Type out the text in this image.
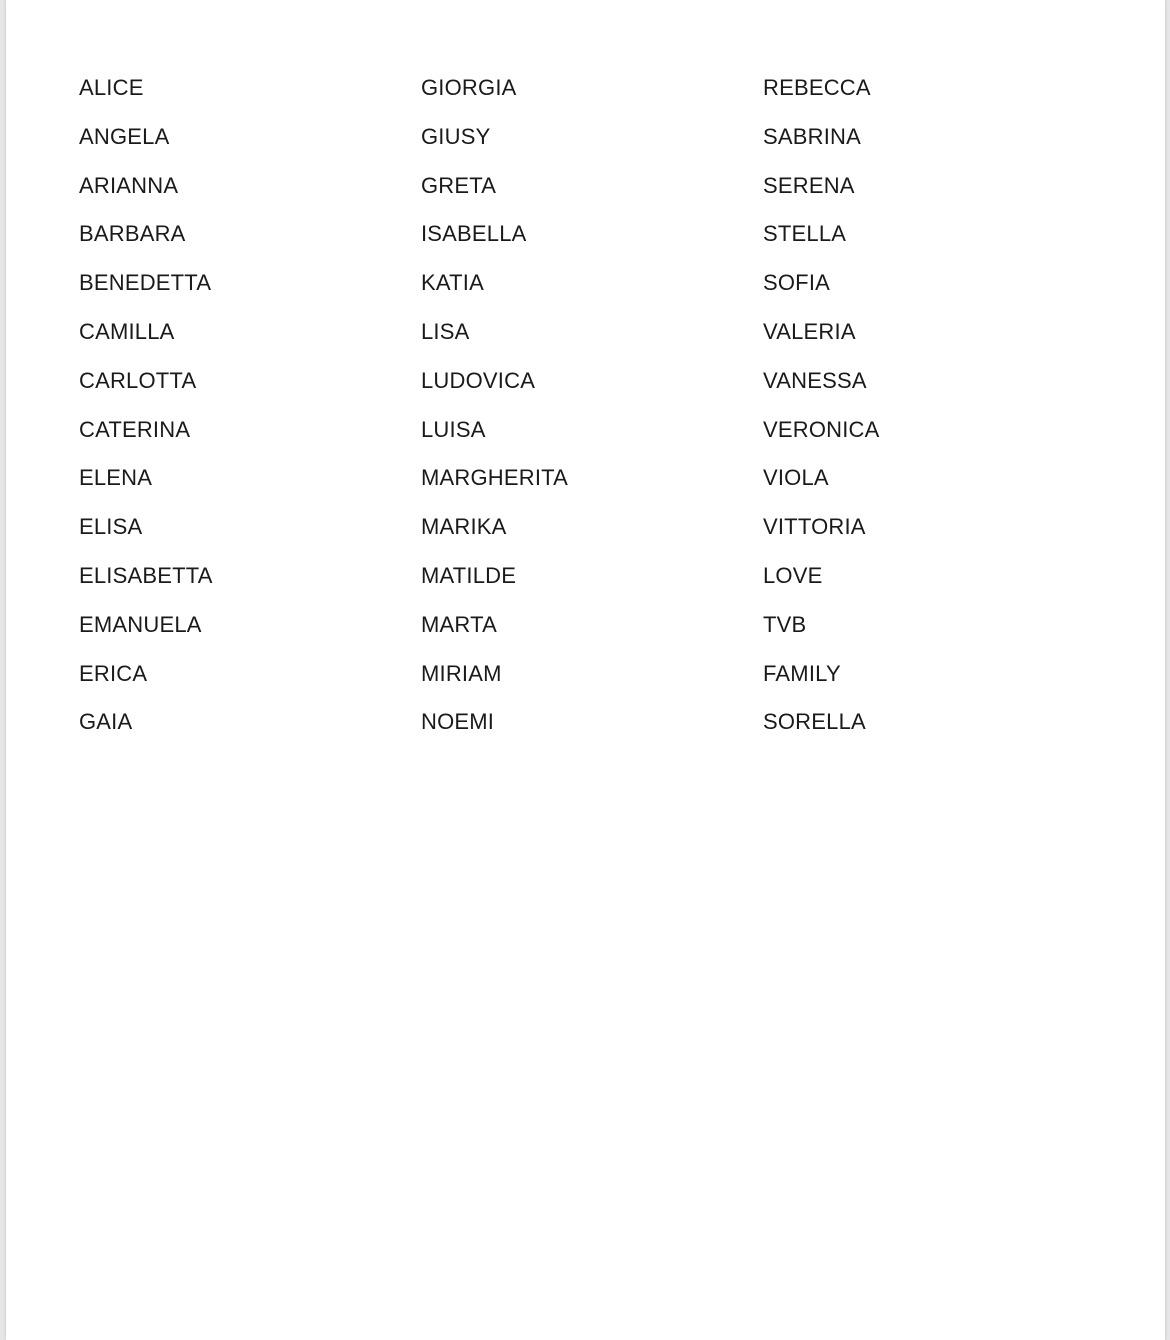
ALICE
ANGELA
ARIANNA
BARBARA
BENEDETTA
CAMILLA
CARLOTTA
CATERINA
ELENA
ELISA
ELISABETTA
EMANUELA
ERICA
GAIA
GIORGIA
GIUSY
GRETA
ISABELLA
KATIA
LISA
LUDOVICA
LUISA
MARGHERITA
MARIKA
MATILDE
MARTA
MIRIAM
NOEMI
REBECCA
SABRINA
SERENA
STELLA
SOFIA
VALERIA
VANESSA
VERONICA
VIOLA
VITTORIA
LOVE
TVB
FAMILY
SORELLA
